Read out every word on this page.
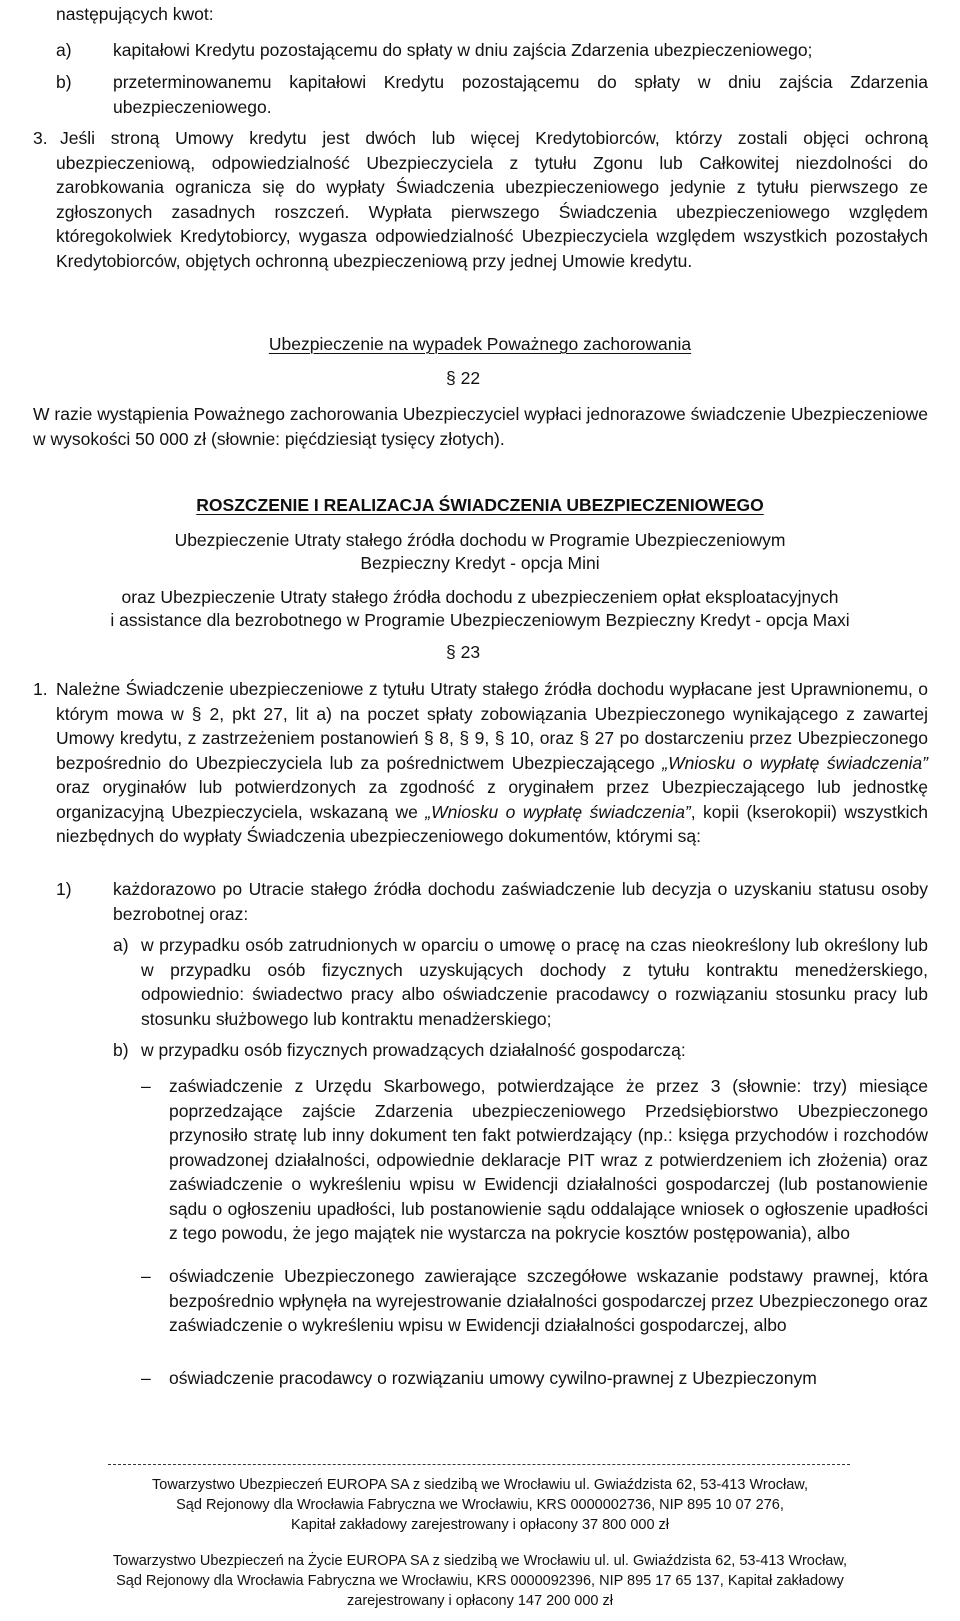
następujących kwot:

a) kapitałowi Kredytu pozostającemu do spłaty w dniu zajścia Zdarzenia ubezpieczeniowego;

b) przeterminowanemu kapitałowi Kredytu pozostającemu do spłaty w dniu zajścia Zdarzenia ubezpieczeniowego.

3. Jeśli stroną Umowy kredytu jest dwóch lub więcej Kredytobiorców, którzy zostali objęci ochroną ubezpieczeniową, odpowiedzialność Ubezpieczyciela z tytułu Zgonu lub Całkowitej niezdolności do zarobkowania ogranicza się do wypłaty Świadczenia ubezpieczeniowego jedynie z tytułu pierwszego ze zgłoszonych zasadnych roszczeń. Wypłata pierwszego Świadczenia ubezpieczeniowego względem któregokolwiek Kredytobiorcy, wygasza odpowiedzialność Ubezpieczyciela względem wszystkich pozostałych Kredytobiorców, objętych ochronną ubezpieczeniową przy jednej Umowie kredytu.

Ubezpieczenie na wypadek Poważnego zachorowania

§ 22

W razie wystąpienia Poważnego zachorowania Ubezpieczyciel wypłaci jednorazowe świadczenie Ubezpieczeniowe w wysokości 50 000 zł (słownie: pięćdziesiąt tysięcy złotych).

ROSZCZENIE I REALIZACJA ŚWIADCZENIA UBEZPIECZENIOWEGO

Ubezpieczenie Utraty stałego źródła dochodu w Programie Ubezpieczeniowym

Bezpieczny Kredyt - opcja Mini

oraz Ubezpieczenie Utraty stałego źródła dochodu z ubezpieczeniem opłat eksploatacyjnych

i assistance dla bezrobotnego w Programie Ubezpieczeniowym Bezpieczny Kredyt - opcja Maxi

§ 23

1. Należne Świadczenie ubezpieczeniowe z tytułu Utraty stałego źródła dochodu wypłacane jest Uprawnionemu, o którym mowa w § 2, pkt 27, lit a) na poczet spłaty zobowiązania Ubezpieczonego wynikającego z zawartej Umowy kredytu, z zastrzeżeniem postanowień § 8, § 9, § 10, oraz § 27 po dostarczeniu przez Ubezpieczonego bezpośrednio do Ubezpieczyciela lub za pośrednictwem Ubezpieczającego „Wniosku o wypłatę świadczenia” oraz oryginałów lub potwierdzonych za zgodność z oryginałem przez Ubezpieczającego lub jednostkę organizacyjną Ubezpieczyciela, wskazaną we „Wniosku o wypłatę świadczenia”, kopii (kserokopii) wszystkich niezbędnych do wypłaty Świadczenia ubezpieczeniowego dokumentów, którymi są:

1) każdorazowo po Utracie stałego źródła dochodu zaświadczenie lub decyzja o uzyskaniu statusu osoby bezrobotnej oraz:

a) w przypadku osób zatrudnionych w oparciu o umowę o pracę na czas nieokreślony lub określony lub w przypadku osób fizycznych uzyskujących dochody z tytułu kontraktu menedżerskiego, odpowiednio: świadectwo pracy albo oświadczenie pracodawcy o rozwiązaniu stosunku pracy lub stosunku służbowego lub kontraktu menadżerskiego;

b) w przypadku osób fizycznych prowadzących działalność gospodarczą:

– zaświadczenie z Urzędu Skarbowego, potwierdzające że przez 3 (słownie: trzy) miesiące poprzedzające zajście Zdarzenia ubezpieczeniowego Przedsiębiorstwo Ubezpieczonego przynosiło stratę lub inny dokument ten fakt potwierdzający (np.: księga przychodów i rozchodów prowadzonej działalności, odpowiednie deklaracje PIT wraz z potwierdzeniem ich złożenia) oraz zaświadczenie o wykreśleniu wpisu w Ewidencji działalności gospodarczej (lub postanowienie sądu o ogłoszeniu upadłości, lub postanowienie sądu oddalające wniosek o ogłoszenie upadłości z tego powodu, że jego majątek nie wystarcza na pokrycie kosztów postępowania), albo

– oświadczenie Ubezpieczonego zawierające szczegółowe wskazanie podstawy prawnej, która bezpośrednio wpłynęła na wyrejestrowanie działalności gospodarczej przez Ubezpieczonego oraz zaświadczenie o wykreśleniu wpisu w Ewidencji działalności gospodarczej, albo

– oświadczenie pracodawcy o rozwiązaniu umowy cywilno-prawnej z Ubezpieczonym

Towarzystwo Ubezpieczeń EUROPA SA z siedzibą we Wrocławiu ul. Gwiaździsta 62, 53-413 Wrocław,

Sąd Rejonowy dla Wrocławia Fabryczna we Wrocławiu, KRS 0000002736, NIP 895 10 07 276,

Kapitał zakładowy zarejestrowany i opłacony 37 800 000 zł

Towarzystwo Ubezpieczeń na Życie EUROPA SA z siedzibą we Wrocławiu ul. ul. Gwiaździsta 62, 53-413 Wrocław,

Sąd Rejonowy dla Wrocławia Fabryczna we Wrocławiu, KRS 0000092396, NIP 895 17 65 137, Kapitał zakładowy

zarejestrowany i opłacony 147 200 000 zł
